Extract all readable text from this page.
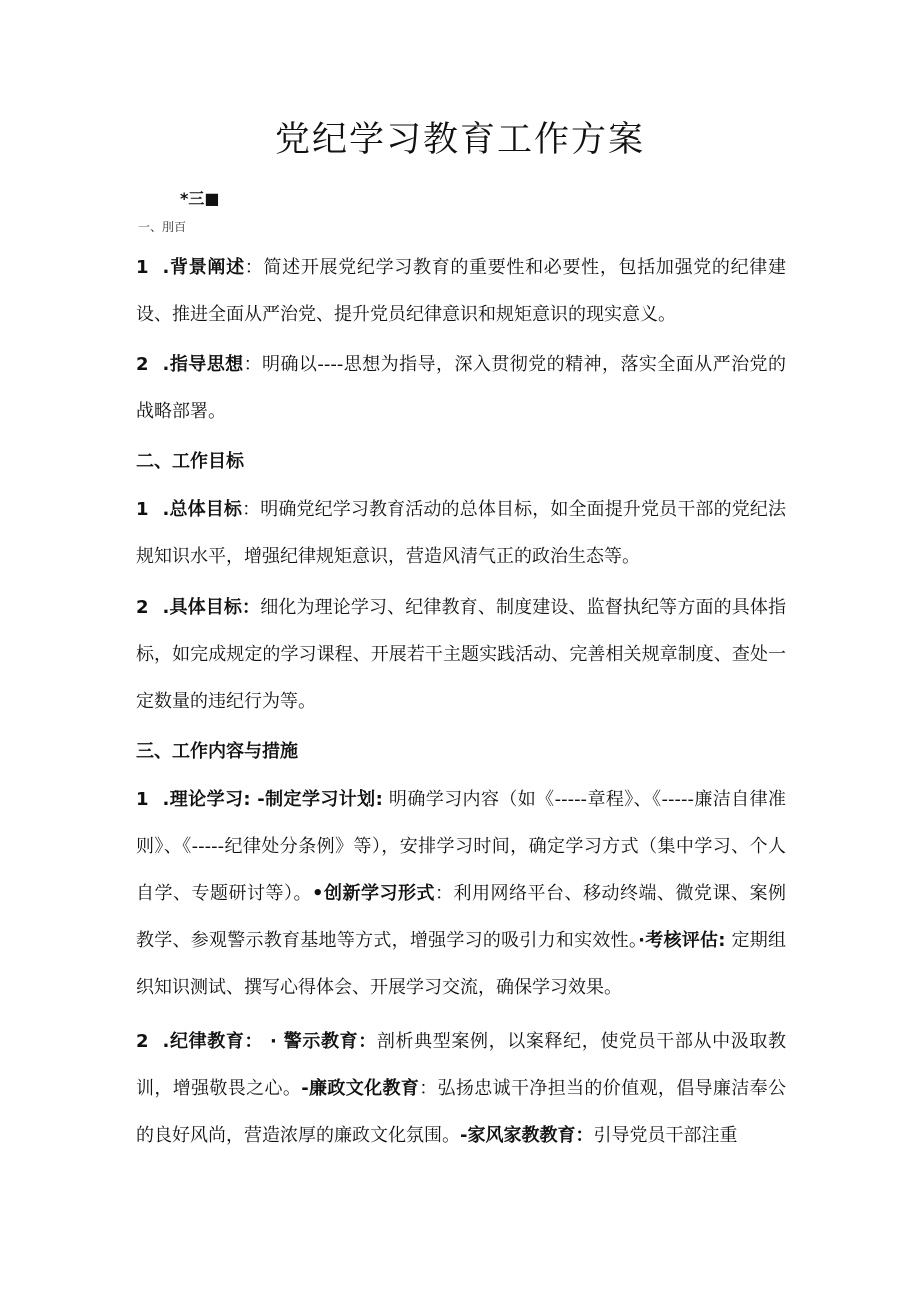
党纪学习教育工作方案
*三■
一、刖百

1 .背景阐述：简述开展党纪学习教育的重要性和必要性，包括加强党的纪律建设、推进全面从严治党、提升党员纪律意识和规矩意识的现实意义。

2 .指导思想：明确以----思想为指导，深入贯彻党的精神，落实全面从严治党的战略部署。

二、工作目标

1 .总体目标：明确党纪学习教育活动的总体目标，如全面提升党员干部的党纪法规知识水平，增强纪律规矩意识，营造风清气正的政治生态等。

2 .具体目标：细化为理论学习、纪律教育、制度建设、监督执纪等方面的具体指标，如完成规定的学习课程、开展若干主题实践活动、完善相关规章制度、查处一定数量的违纪行为等。

三、工作内容与措施

1 .理论学习: -制定学习计划: 明确学习内容（如《-----章程》、《-----廉洁自律准则》、《-----纪律处分条例》等），安排学习时间，确定学习方式（集中学习、个人自学、专题研讨等）。•创新学习形式：利用网络平台、移动终端、微党课、案例教学、参观警示教育基地等方式，增强学习的吸引力和实效性。·考核评估: 定期组织知识测试、撰写心得体会、开展学习交流，确保学习效果。

2 .纪律教育： · 警示教育：剖析典型案例，以案释纪，使党员干部从中汲取教训，增强敬畏之心。-廉政文化教育：弘扬忠诚干净担当的价值观，倡导廉洁奉公的良好风尚，营造浓厚的廉政文化氛围。-家风家教教育：引导党员干部注重
